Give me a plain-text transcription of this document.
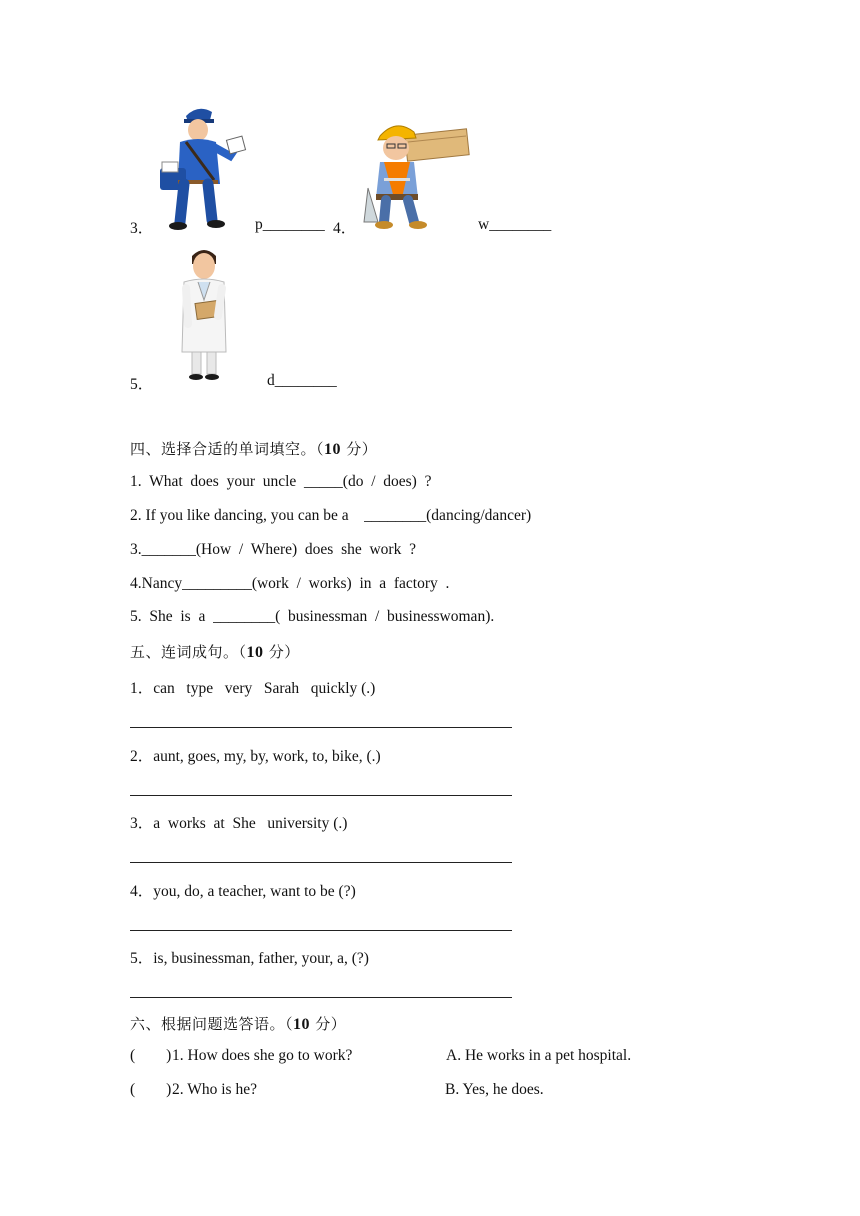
3．	p________ 4．	w________
5．	d________
四、选择合适的单词填空。（10 分）
1.  What  does  your  uncle  _____(do  /  does)  ?
2. If you like dancing, you can be a    ________(dancing/dancer)
3._______(How  /  Where)  does  she  work  ?
4.Nancy_________(work  /  works)  in  a  factory  .
5.  She  is  a  ________(  businessman  /  businesswoman).
五、连词成句。（10 分）
1．can   type   very   Sarah   quickly (.)
2．aunt, goes, my, by, work, to, bike, (.)
3．a  works  at  She   university (.)
4．you, do, a teacher, want to be (?)
5．is, businessman, father, your, a, (?)
六、根据问题选答语。（10 分）
(        ) 1. How does she go to work?	A. He works in a pet hospital.
(        ) 2. Who is he?	B. Yes, he does.
